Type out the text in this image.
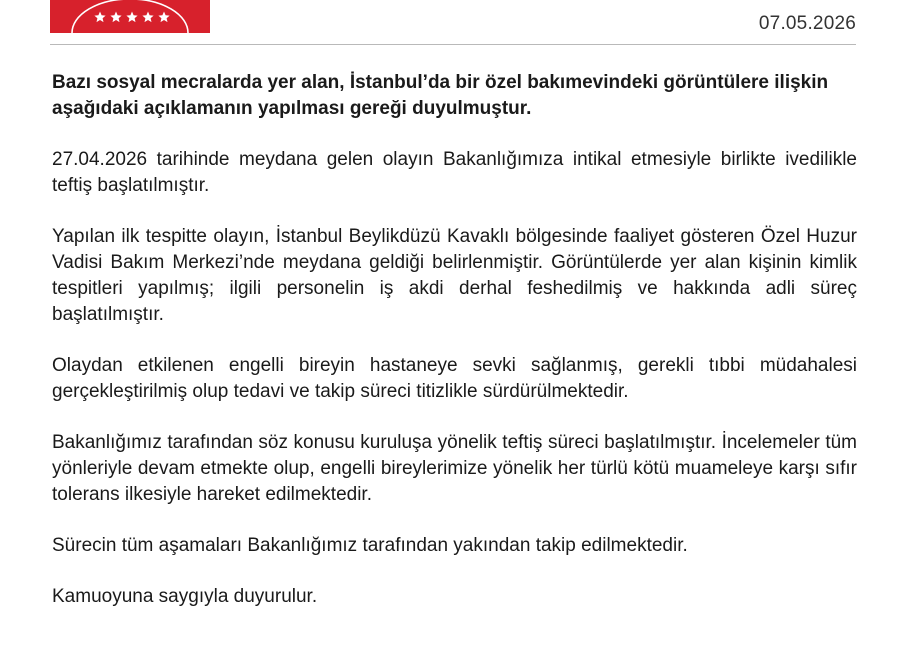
07.05.2026

Bazı sosyal mecralarda yer alan, İstanbul’da bir özel bakımevindeki görüntülere ilişkin aşağıdaki açıklamanın yapılması gereği duyulmuştur.

27.04.2026 tarihinde meydana gelen olayın Bakanlığımıza intikal etmesiyle birlikte ivedilikle teftiş başlatılmıştır.

Yapılan ilk tespitte olayın, İstanbul Beylikdüzü Kavaklı bölgesinde faaliyet gösteren Özel Huzur Vadisi Bakım Merkezi’nde meydana geldiği belirlenmiştir. Görüntülerde yer alan kişinin kimlik tespitleri yapılmış; ilgili personelin iş akdi derhal feshedilmiş ve hakkında adli süreç başlatılmıştır.

Olaydan etkilenen engelli bireyin hastaneye sevki sağlanmış, gerekli tıbbi müdahalesi gerçekleştirilmiş olup tedavi ve takip süreci titizlikle sürdürülmektedir.

Bakanlığımız tarafından söz konusu kuruluşa yönelik teftiş süreci başlatılmıştır. İncelemeler tüm yönleriyle devam etmekte olup, engelli bireylerimize yönelik her türlü kötü muameleye karşı sıfır tolerans ilkesiyle hareket edilmektedir.

Sürecin tüm aşamaları Bakanlığımız tarafından yakından takip edilmektedir.

Kamuoyuna saygıyla duyurulur.
